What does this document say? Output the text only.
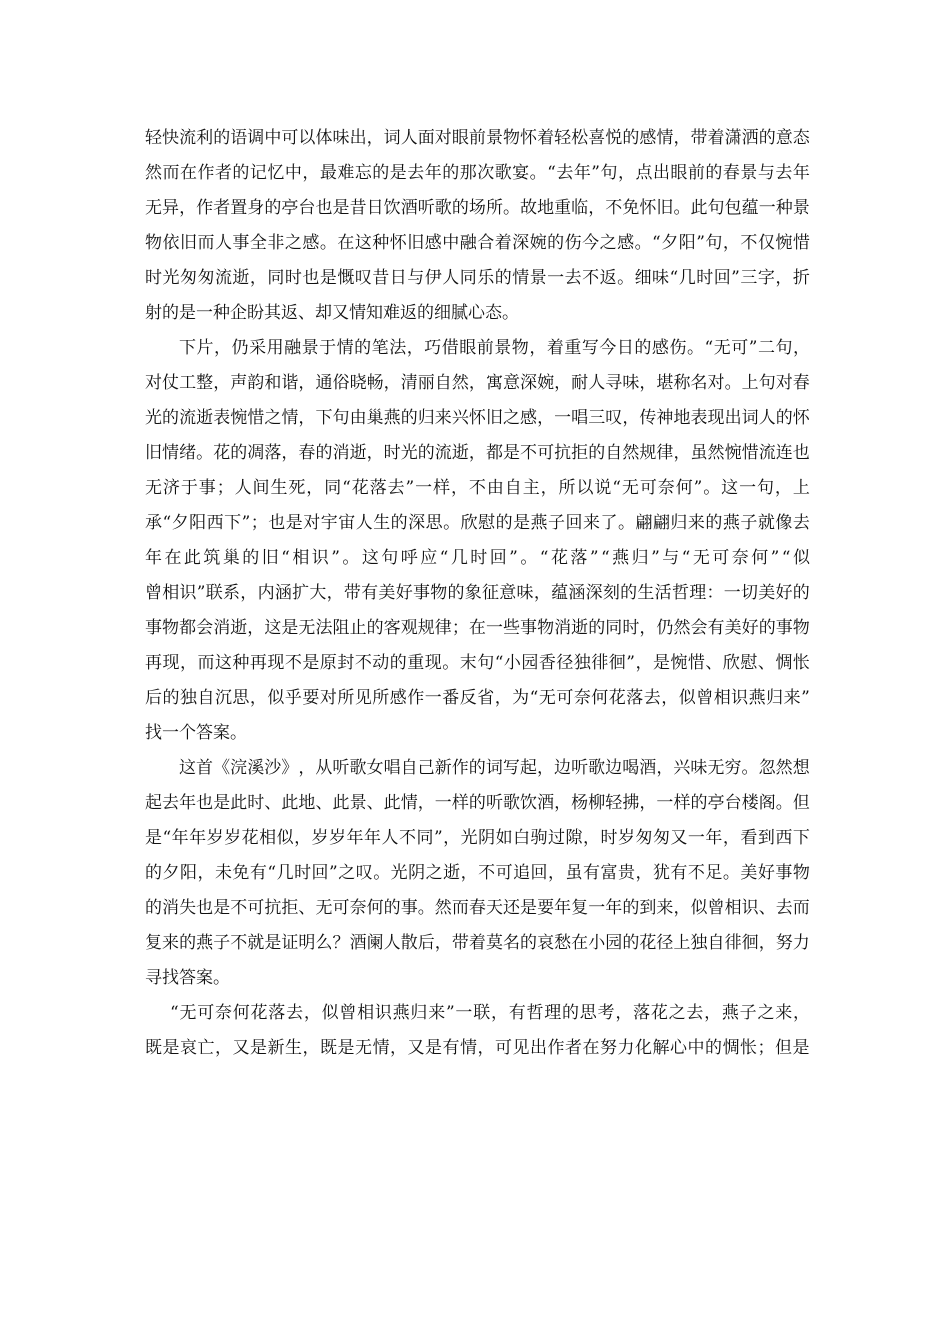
轻 快 流 利 的 语 调 中 可 以 体 味 出 ， 词 人 面 对 眼 前 景 物 怀 着 轻 松 喜 悦 的 感 情 ， 带 着 潇 洒 的 意 态
然 而 在 作 者 的 记 忆 中 ， 最 难 忘 的 是 去 年 的 那 次 歌 宴 。 “ 去 年 ” 句 ， 点 出 眼 前 的 春 景 与 去 年
无 异 ， 作 者 置 身 的 亭 台 也 是 昔 日 饮 酒 听 歌 的 场 所 。 故 地 重 临 ， 不 免 怀 旧 。 此 句 包 蕴 一 种 景
物 依 旧 而 人 事 全 非 之 感 。 在 这 种 怀 旧 感 中 融 合 着 深 婉 的 伤 今 之 感 。 “ 夕 阳 ” 句 ， 不 仅 惋 惜
时 光 匆 匆 流 逝 ， 同 时 也 是 慨 叹 昔 日 与 伊 人 同 乐 的 情 景 一 去 不 返 。 细 味 “ 几 时 回 ” 三 字 ， 折
射 的 是 一 种 企 盼 其 返 、 却 又 情 知 难 返 的 细 腻 心 态 。
下 片 ， 仍 采 用 融 景 于 情 的 笔 法 ， 巧 借 眼 前 景 物 ， 着 重 写 今 日 的 感 伤 。 “ 无 可 ” 二 句 ，
对 仗 工 整 ， 声 韵 和 谐 ， 通 俗 晓 畅 ， 清 丽 自 然 ， 寓 意 深 婉 ， 耐 人 寻 味 ， 堪 称 名 对 。 上 句 对 春
光 的 流 逝 表 惋 惜 之 情 ， 下 句 由 巢 燕 的 归 来 兴 怀 旧 之 感 ， 一 唱 三 叹 ， 传 神 地 表 现 出 词 人 的 怀
旧 情 绪 。 花 的 凋 落 ， 春 的 消 逝 ， 时 光 的 流 逝 ， 都 是 不 可 抗 拒 的 自 然 规 律 ， 虽 然 惋 惜 流 连 也
无 济 于 事 ； 人 间 生 死 ， 同 “ 花 落 去 ” 一 样 ， 不 由 自 主 ， 所 以 说 “ 无 可 奈 何 ” 。 这 一 句 ， 上
承 “ 夕 阳 西 下 ” ； 也 是 对 宇 宙 人 生 的 深 思 。 欣 慰 的 是 燕 子 回 来 了 。 翩 翩 归 来 的 燕 子 就 像 去
年 在 此 筑 巢 的 旧 “ 相 识 ” 。 这 句 呼 应 “ 几 时 回 ” 。 “ 花 落 ” “ 燕 归 ” 与 “ 无 可 奈 何 ” “ 似
曾 相 识 ” 联 系 ， 内 涵 扩 大 ， 带 有 美 好 事 物 的 象 征 意 味 ， 蕴 涵 深 刻 的 生 活 哲 理 ： 一 切 美 好 的
事 物 都 会 消 逝 ， 这 是 无 法 阻 止 的 客 观 规 律 ； 在 一 些 事 物 消 逝 的 同 时 ， 仍 然 会 有 美 好 的 事 物
再 现 ， 而 这 种 再 现 不 是 原 封 不 动 的 重 现 。 末 句 “ 小 园 香 径 独 徘 徊 ” ， 是 惋 惜 、 欣 慰 、 惆 怅
后 的 独 自 沉 思 ， 似 乎 要 对 所 见 所 感 作 一 番 反 省 ， 为 “ 无 可 奈 何 花 落 去 ， 似 曾 相 识 燕 归 来 ”
找 一 个 答 案 。
这 首 《 浣 溪 沙 》 ， 从 听 歌 女 唱 自 己 新 作 的 词 写 起 ， 边 听 歌 边 喝 酒 ， 兴 味 无 穷 。 忽 然 想
起 去 年 也 是 此 时 、 此 地 、 此 景 、 此 情 ， 一 样 的 听 歌 饮 酒 ， 杨 柳 轻 拂 ， 一 样 的 亭 台 楼 阁 。 但
是 “ 年 年 岁 岁 花 相 似 ， 岁 岁 年 年 人 不 同 ” ， 光 阴 如 白 驹 过 隙 ， 时 岁 匆 匆 又 一 年 ， 看 到 西 下
的 夕 阳 ， 未 免 有 “ 几 时 回 ” 之 叹 。 光 阴 之 逝 ， 不 可 追 回 ， 虽 有 富 贵 ， 犹 有 不 足 。 美 好 事 物
的 消 失 也 是 不 可 抗 拒 、 无 可 奈 何 的 事 。 然 而 春 天 还 是 要 年 复 一 年 的 到 来 ， 似 曾 相 识 、 去 而
复 来 的 燕 子 不 就 是 证 明 么 ？ 酒 阑 人 散 后 ， 带 着 莫 名 的 哀 愁 在 小 园 的 花 径 上 独 自 徘 徊 ， 努 力
寻 找 答 案 。
“ 无 可 奈 何 花 落 去 ， 似 曾 相 识 燕 归 来 ” 一 联 ， 有 哲 理 的 思 考 ， 落 花 之 去 ， 燕 子 之 来 ，
既 是 哀 亡 ， 又 是 新 生 ， 既 是 无 情 ， 又 是 有 情 ， 可 见 出 作 者 在 努 力 化 解 心 中 的 惆 怅 ； 但 是
